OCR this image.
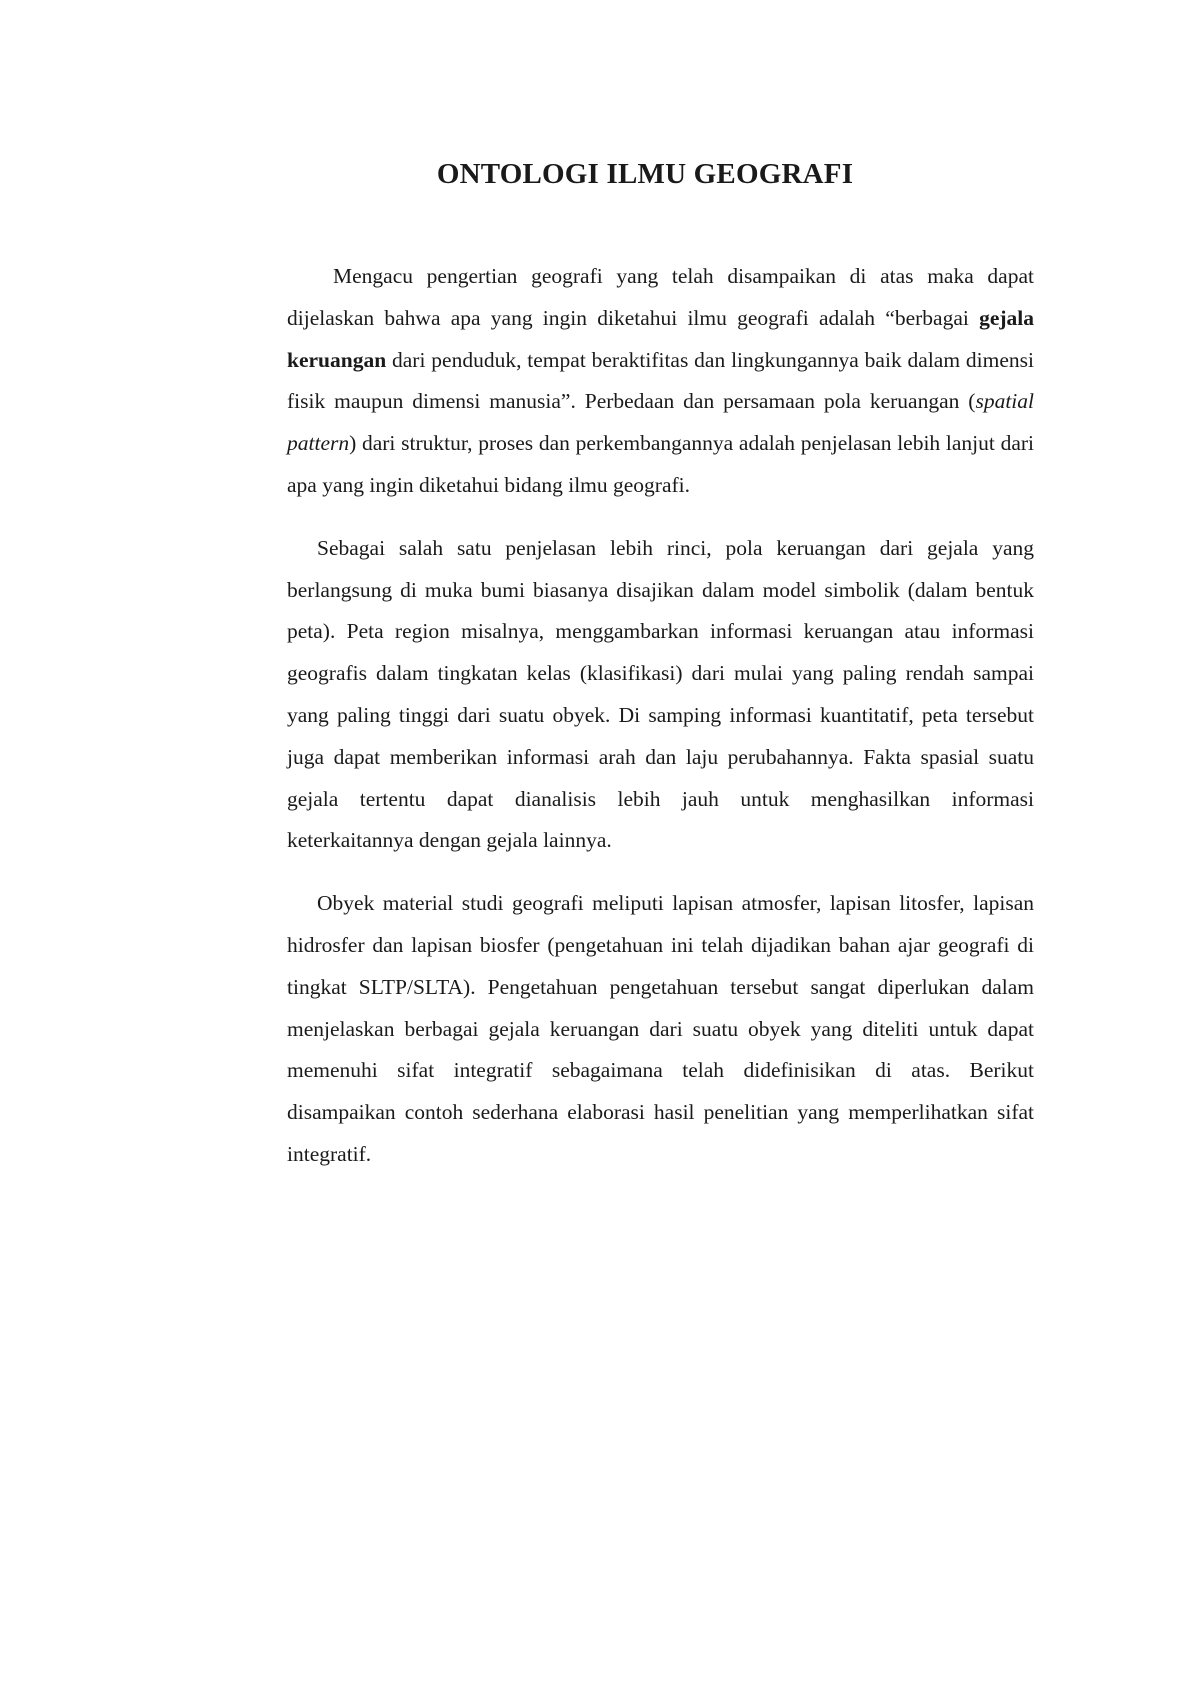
ONTOLOGI ILMU GEOGRAFI

Mengacu pengertian geografi yang telah disampaikan di atas maka dapat dijelaskan bahwa apa yang ingin diketahui ilmu geografi adalah “berbagai gejala keruangan dari penduduk, tempat beraktifitas dan lingkungannya baik dalam dimensi fisik maupun dimensi manusia”. Perbedaan dan persamaan pola keruangan (spatial pattern) dari struktur, proses dan perkembangannya adalah penjelasan lebih lanjut dari apa yang ingin diketahui bidang ilmu geografi.

Sebagai salah satu penjelasan lebih rinci, pola keruangan dari gejala yang berlangsung di muka bumi biasanya disajikan dalam model simbolik (dalam bentuk peta). Peta region misalnya, menggambarkan informasi keruangan atau informasi geografis dalam tingkatan kelas (klasifikasi) dari mulai yang paling rendah sampai yang paling tinggi dari suatu obyek. Di samping informasi kuantitatif, peta tersebut juga dapat memberikan informasi arah dan laju perubahannya. Fakta spasial suatu gejala tertentu dapat dianalisis lebih jauh untuk menghasilkan informasi keterkaitannya dengan gejala lainnya.

Obyek material studi geografi meliputi lapisan atmosfer, lapisan litosfer, lapisan hidrosfer dan lapisan biosfer (pengetahuan ini telah dijadikan bahan ajar geografi di tingkat SLTP/SLTA). Pengetahuan pengetahuan tersebut sangat diperlukan dalam menjelaskan berbagai gejala keruangan dari suatu obyek yang diteliti untuk dapat memenuhi sifat integratif sebagaimana telah didefinisikan di atas. Berikut disampaikan contoh sederhana elaborasi hasil penelitian yang memperlihatkan sifat integratif.
